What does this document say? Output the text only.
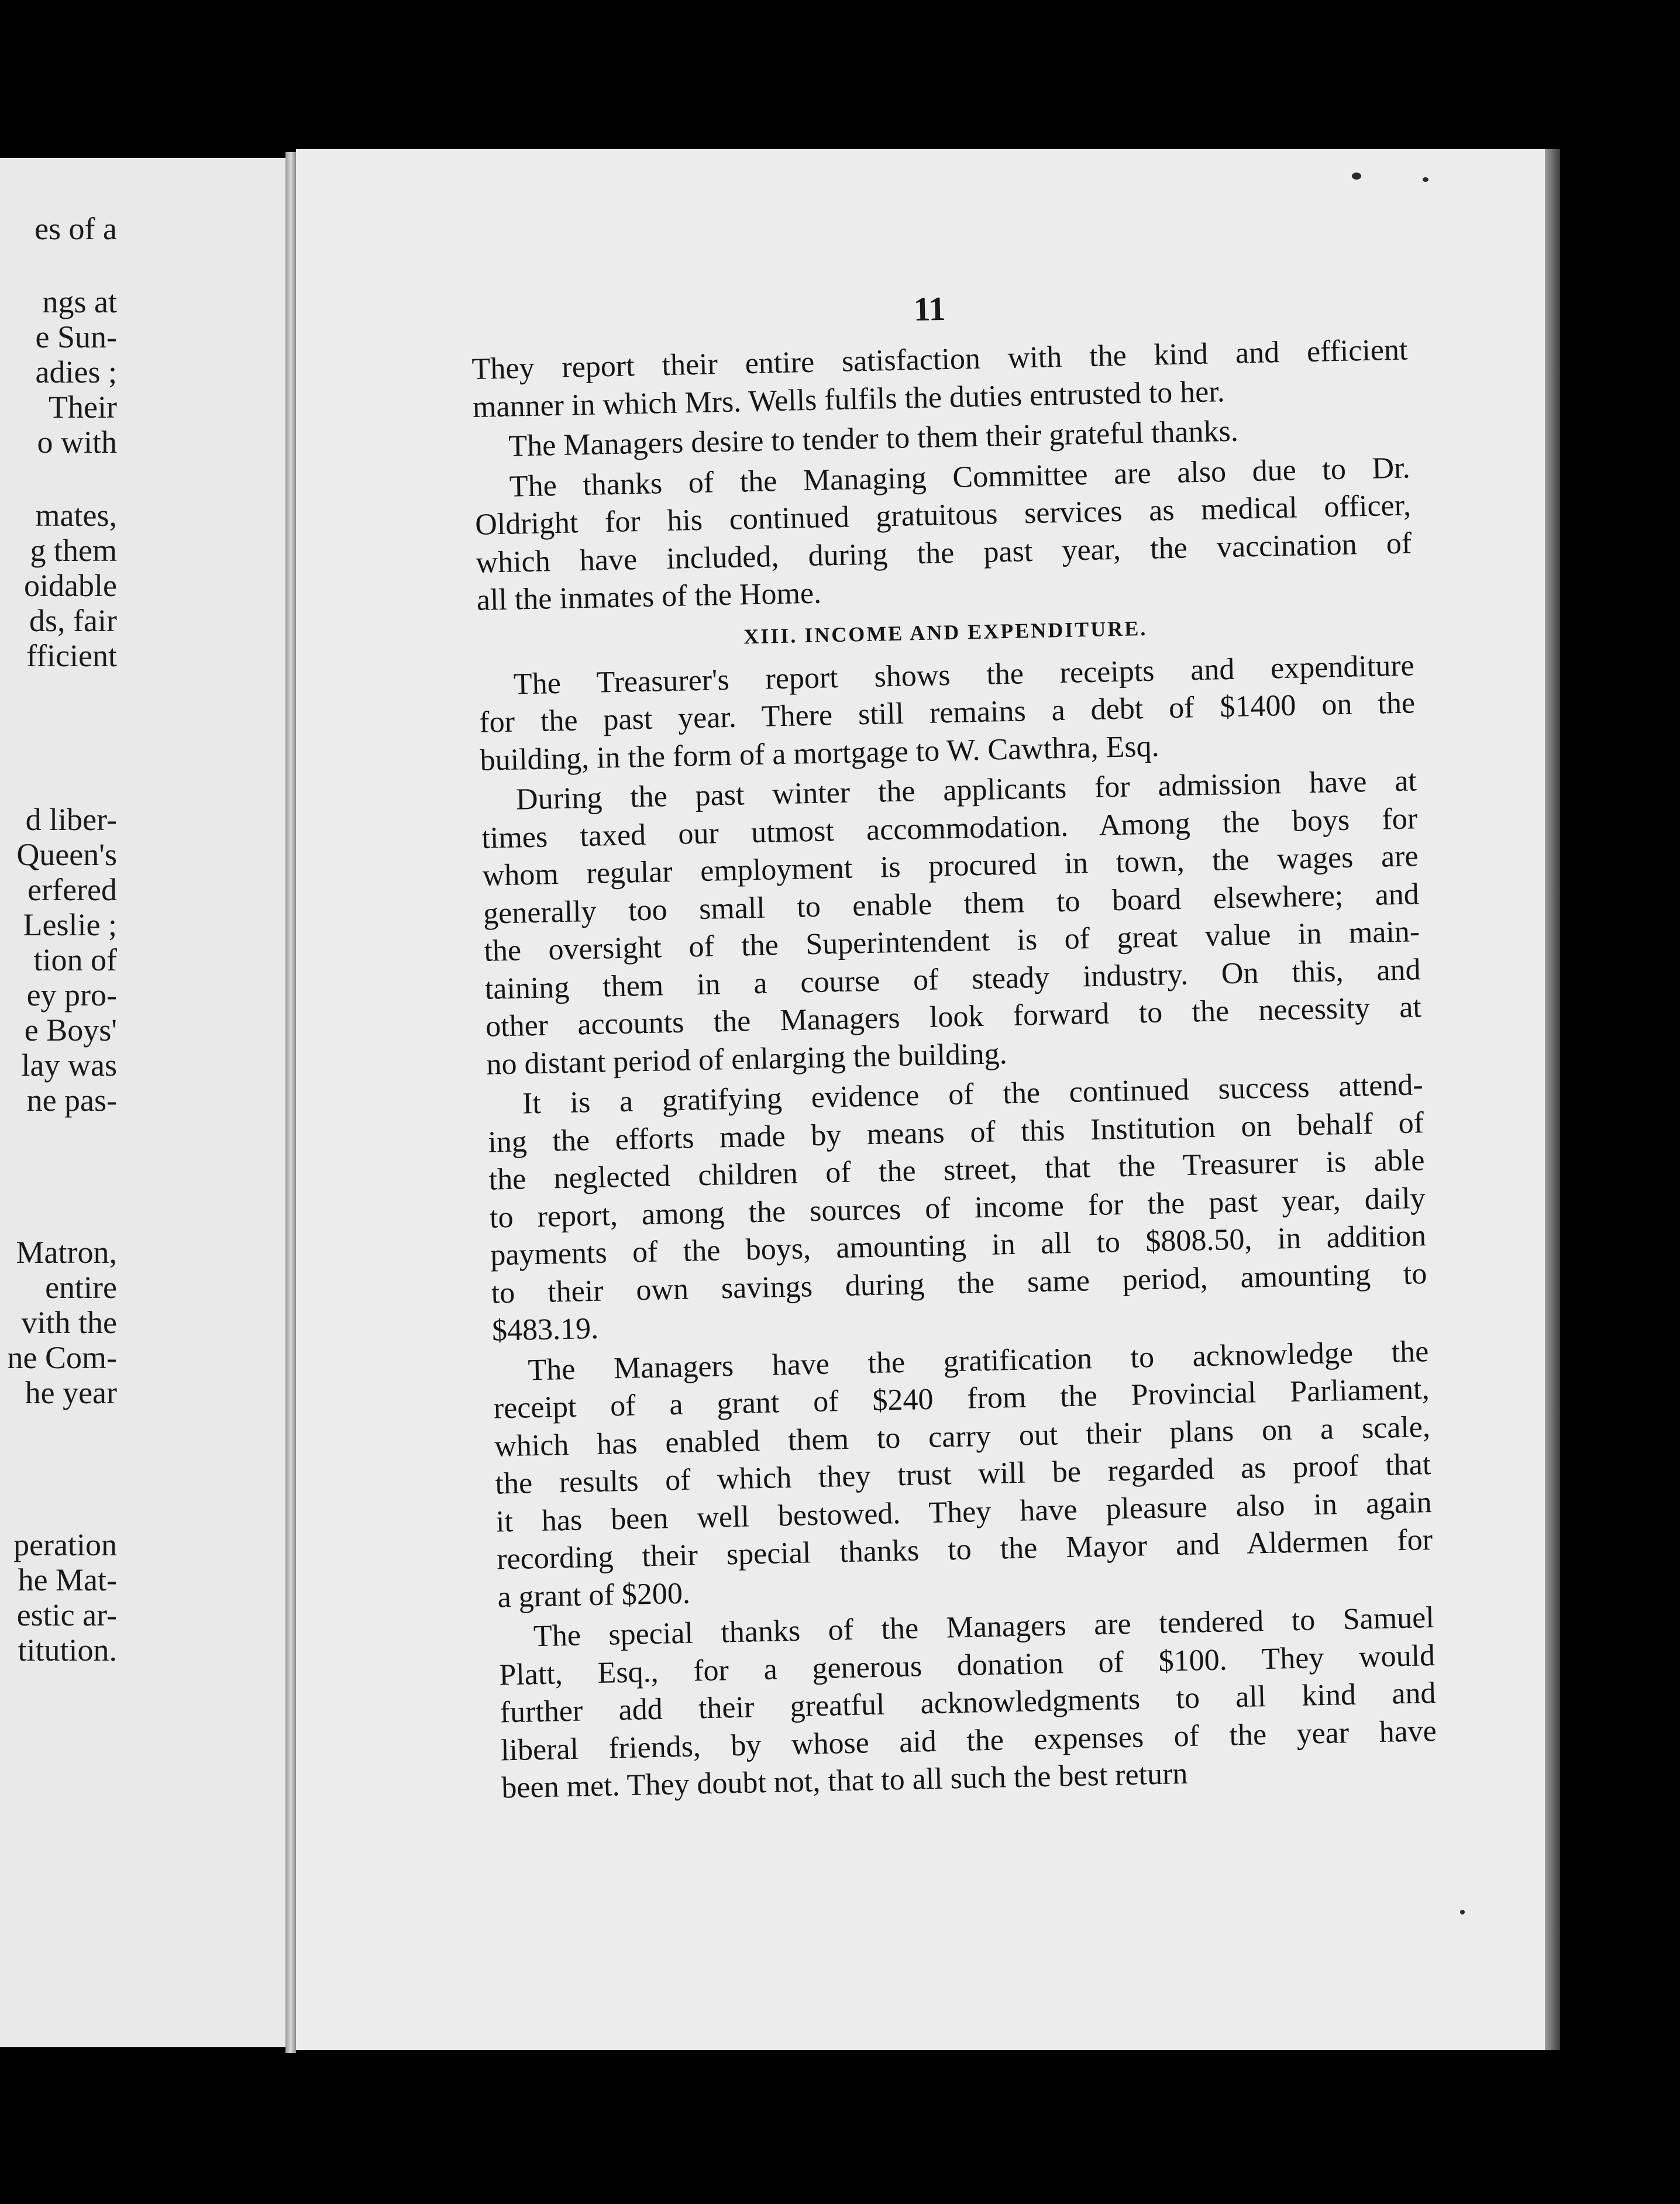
es of a
ngs at
e Sun-
adies ;
Their
o with
mates,
g them
oidable
ds, fair
fficient
d liber-
Queen's
erfered
Leslie ;
tion of
ey pro-
e Boys'
lay was
ne pas-
Matron,
entire
vith the
ne Com-
he year
peration
he Mat-
estic ar-
titution.
11
They report their entire satisfaction with the kind and efficient
manner in which Mrs. Wells fulfils the duties entrusted to her.
The Managers desire to tender to them their grateful thanks.
The thanks of the Managing Committee are also due to Dr.
Oldright for his continued gratuitous services as medical officer,
which have included, during the past year, the vaccination of
all the inmates of the Home.
XIII. INCOME AND EXPENDITURE.
The Treasurer's report shows the receipts and expenditure
for the past year. There still remains a debt of $1400 on the
building, in the form of a mortgage to W. Cawthra, Esq.
During the past winter the applicants for admission have at
times taxed our utmost accommodation. Among the boys for
whom regular employment is procured in town, the wages are
generally too small to enable them to board elsewhere; and
the oversight of the Superintendent is of great value in main-
taining them in a course of steady industry. On this, and
other accounts the Managers look forward to the necessity at
no distant period of enlarging the building.
It is a gratifying evidence of the continued success attend-
ing the efforts made by means of this Institution on behalf of
the neglected children of the street, that the Treasurer is able
to report, among the sources of income for the past year, daily
payments of the boys, amounting in all to $808.50, in addition
to their own savings during the same period, amounting to
$483.19.
The Managers have the gratification to acknowledge the
receipt of a grant of $240 from the Provincial Parliament,
which has enabled them to carry out their plans on a scale,
the results of which they trust will be regarded as proof that
it has been well bestowed. They have pleasure also in again
recording their special thanks to the Mayor and Aldermen for
a grant of $200.
The special thanks of the Managers are tendered to Samuel
Platt, Esq., for a generous donation of $100. They would
further add their greatful acknowledgments to all kind and
liberal friends, by whose aid the expenses of the year have
been met. They doubt not, that to all such the best return
